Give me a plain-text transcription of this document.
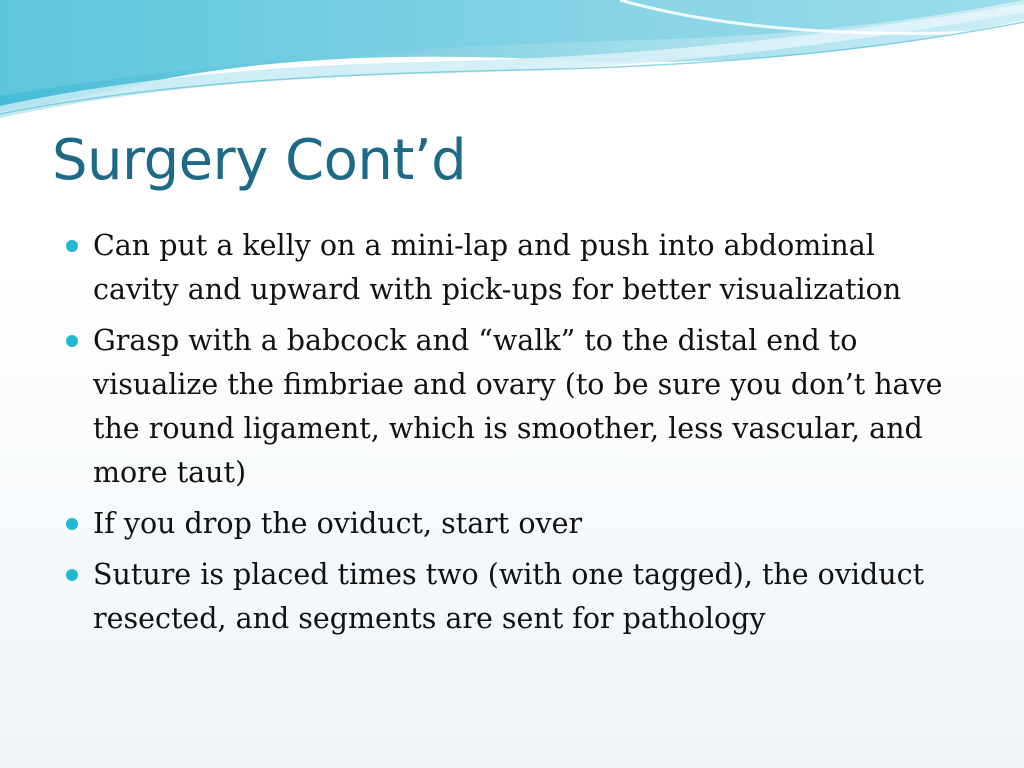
Surgery Cont’d
Can put a kelly on a mini-lap and push into abdominal cavity and upward with pick-ups for better visualization
Grasp with a babcock and “walk” to the distal end to visualize the fimbriae and ovary (to be sure you don’t have the round ligament, which is smoother, less vascular, and more taut)
If you drop the oviduct, start over
Suture is placed times two (with one tagged), the oviduct resected, and segments are sent for pathology
